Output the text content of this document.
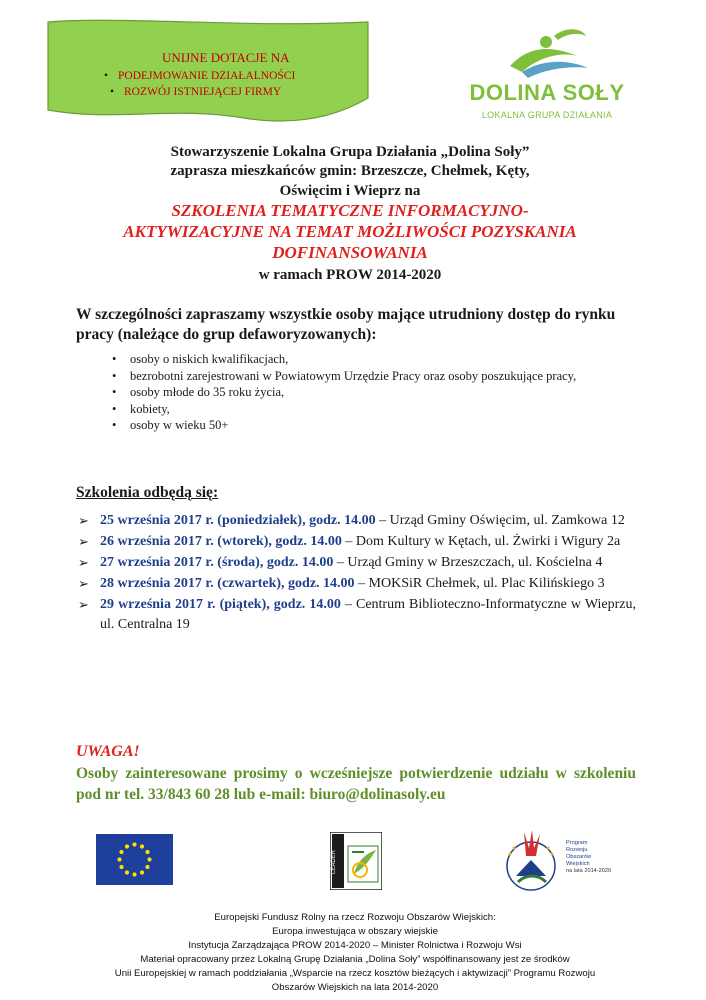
UNIJNE DOTACJE NA
• PODEJMOWANIE DZIAŁALNOŚCI
• ROZWÓJ ISTNIEJĄCEJ FIRMY	DOLINA SOŁY
LOKALNA GRUPA DZIAŁANIA
Stowarzyszenie Lokalna Grupa Działania „Dolina Soły”
zaprasza mieszkańców gmin: Brzeszcze, Chełmek, Kęty,
Oświęcim i Wieprz na
SZKOLENIA TEMATYCZNE INFORMACYJNO-
AKTYWIZACYJNE NA TEMAT MOŻLIWOŚCI POZYSKANIA
DOFINANSOWANIA
w ramach PROW 2014-2020
W szczególności zapraszamy wszystkie osoby mające utrudniony dostęp do rynku pracy (należące do grup defaworyzowanych):
• osoby o niskich kwalifikacjach,
• bezrobotni zarejestrowani w Powiatowym Urzędzie Pracy oraz osoby poszukujące pracy,
• osoby młode do 35 roku życia,
• kobiety,
• osoby w wieku 50+
Szkolenia odbędą się:
➢ 25 września 2017 r. (poniedziałek), godz. 14.00 – Urząd Gminy Oświęcim, ul. Zamkowa 12
➢ 26 września 2017 r. (wtorek), godz. 14.00 – Dom Kultury w Kętach, ul. Żwirki i Wigury 2a
➢ 27 września 2017 r. (środa), godz. 14.00 – Urząd Gminy w Brzeszczach, ul. Kościelna 4
➢ 28 września 2017 r. (czwartek), godz. 14.00 – MOKSiR Chełmek, ul. Plac Kilińskiego 3
➢ 29 września 2017 r. (piątek), godz. 14.00 – Centrum Biblioteczno-Informatyczne w Wieprzu, ul. Centralna 19
UWAGA!
Osoby zainteresowane prosimy o wcześniejsze potwierdzenie udziału w szkoleniu pod nr tel. 33/843 60 28 lub e-mail: biuro@dolinasoly.eu
LEADER
Program
Rozwoju
Obszarów
Wiejskich
na lata 2014-2020
Europejski Fundusz Rolny na rzecz Rozwoju Obszarów Wiejskich:
Europa inwestująca w obszary wiejskie
Instytucja Zarządzająca PROW 2014-2020 – Minister Rolnictwa i Rozwoju Wsi
Materiał opracowany przez Lokalną Grupę Działania „Dolina Soły” współfinansowany jest ze środków
Unii Europejskiej w ramach poddziałania „Wsparcie na rzecz kosztów bieżących i aktywizacji” Programu Rozwoju
Obszarów Wiejskich na lata 2014-2020
